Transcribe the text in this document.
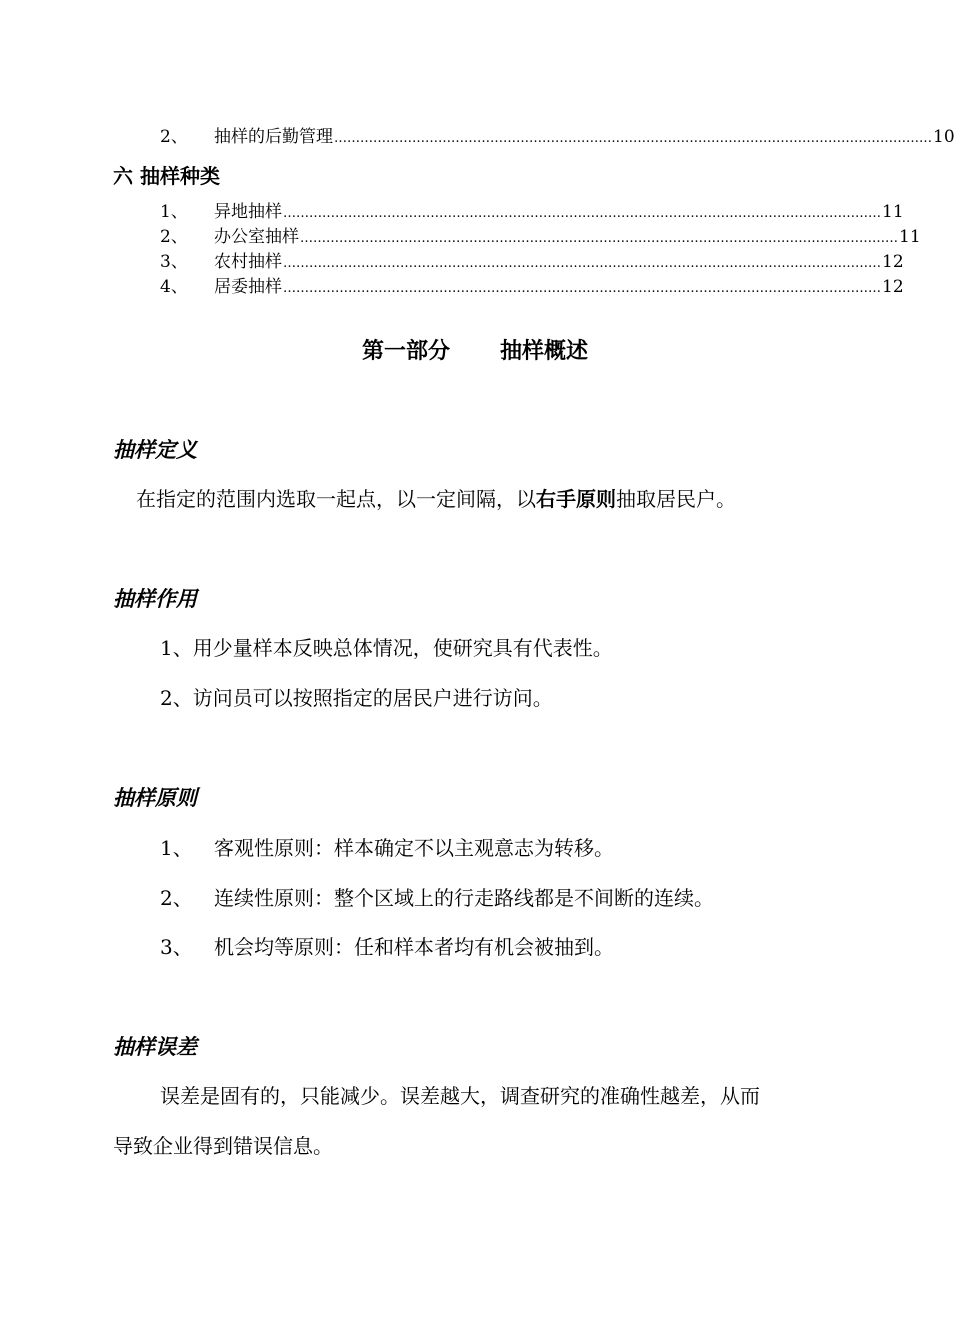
2、	抽样的后勤管理 ………………………………………………………………………………………………………………………… 10
六 抽样种类
1、	异地抽样 ………………………………………………………………………………………………………………………… 11
2、	办公室抽样 ………………………………………………………………………………………………………………………… 11
3、	农村抽样 ………………………………………………………………………………………………………………………… 12
4、	居委抽样 ………………………………………………………………………………………………………………………… 12
第一部分 抽样概述
抽样定义
在指定的范围内选取一起点，以一定间隔，以右手原则抽取居民户。
抽样作用
1、用少量样本反映总体情况，使研究具有代表性。
2、访问员可以按照指定的居民户进行访问。
抽样原则
1、	客观性原则：样本确定不以主观意志为转移。
2、	连续性原则：整个区域上的行走路线都是不间断的连续。
3、	机会均等原则：任和样本者均有机会被抽到。
抽样误差
误差是固有的，只能减少。误差越大，调查研究的准确性越差，从而
导致企业得到错误信息。
